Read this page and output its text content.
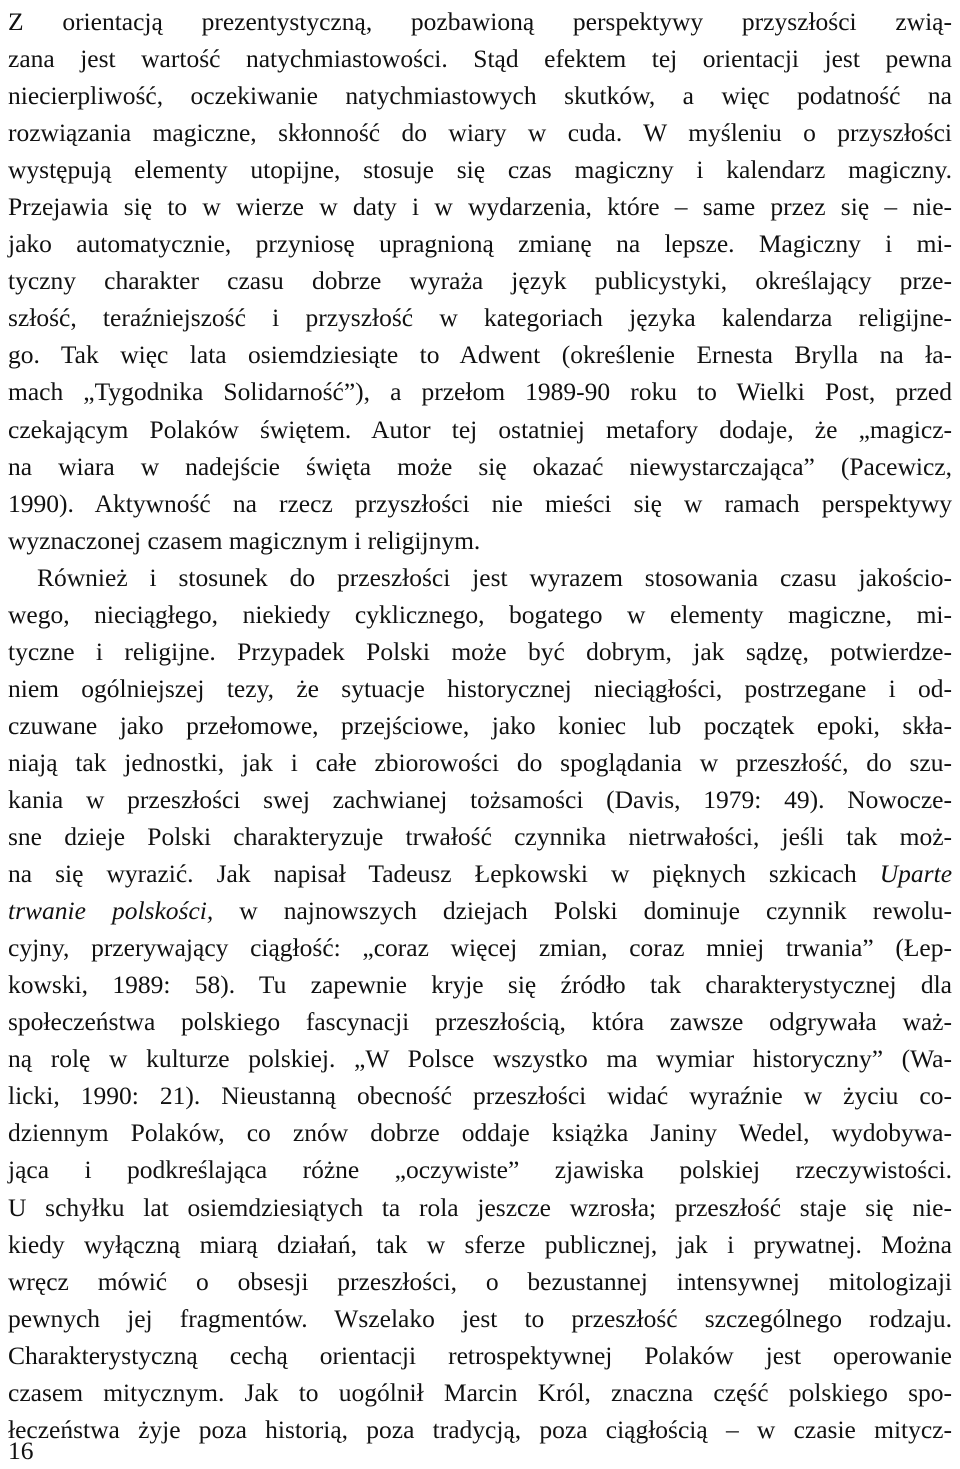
Z orientacją prezentystyczną, pozbawioną perspektywy przyszłości zwią-
zana jest wartość natychmiastowości. Stąd efektem tej orientacji jest pewna
niecierpliwość, oczekiwanie natychmiastowych skutków, a więc podatność na
rozwiązania magiczne, skłonność do wiary w cuda. W myśleniu o przyszłości
występują elementy utopijne, stosuje się czas magiczny i kalendarz magiczny.
Przejawia się to w wierze w daty i w wydarzenia, które – same przez się – nie-
jako automatycznie, przyniosę upragnioną zmianę na lepsze. Magiczny i mi-
tyczny charakter czasu dobrze wyraża język publicystyki, określający prze-
szłość, teraźniejszość i przyszłość w kategoriach języka kalendarza religijne-
go. Tak więc lata osiemdziesiąte to Adwent (określenie Ernesta Brylla na ła-
mach „Tygodnika Solidarność”), a przełom 1989-90 roku to Wielki Post, przed
czekającym Polaków świętem. Autor tej ostatniej metafory dodaje, że „magicz-
na wiara w nadejście święta może się okazać niewystarczająca” (Pacewicz,
1990). Aktywność na rzecz przyszłości nie mieści się w ramach perspektywy
wyznaczonej czasem magicznym i religijnym.
Również i stosunek do przeszłości jest wyrazem stosowania czasu jakościo-
wego, nieciągłego, niekiedy cyklicznego, bogatego w elementy magiczne, mi-
tyczne i religijne. Przypadek Polski może być dobrym, jak sądzę, potwierdze-
niem ogólniejszej tezy, że sytuacje historycznej nieciągłości, postrzegane i od-
czuwane jako przełomowe, przejściowe, jako koniec lub początek epoki, skła-
niają tak jednostki, jak i całe zbiorowości do spoglądania w przeszłość, do szu-
kania w przeszłości swej zachwianej tożsamości (Davis, 1979: 49). Nowocze-
sne dzieje Polski charakteryzuje trwałość czynnika nietrwałości, jeśli tak moż-
na się wyrazić. Jak napisał Tadeusz Łepkowski w pięknych szkicach Uparte
trwanie polskości, w najnowszych dziejach Polski dominuje czynnik rewolu-
cyjny, przerywający ciągłość: „coraz więcej zmian, coraz mniej trwania” (Łep-
kowski, 1989: 58). Tu zapewnie kryje się źródło tak charakterystycznej dla
społeczeństwa polskiego fascynacji przeszłością, która zawsze odgrywała waż-
ną rolę w kulturze polskiej. „W Polsce wszystko ma wymiar historyczny” (Wa-
licki, 1990: 21). Nieustanną obecność przeszłości widać wyraźnie w życiu co-
dziennym Polaków, co znów dobrze oddaje książka Janiny Wedel, wydobywa-
jąca i podkreślająca różne „oczywiste” zjawiska polskiej rzeczywistości.
U schyłku lat osiemdziesiątych ta rola jeszcze wzrosła; przeszłość staje się nie-
kiedy wyłączną miarą działań, tak w sferze publicznej, jak i prywatnej. Można
wręcz mówić o obsesji przeszłości, o bezustannej intensywnej mitologizaji
pewnych jej fragmentów. Wszelako jest to przeszłość szczególnego rodzaju.
Charakterystyczną cechą orientacji retrospektywnej Polaków jest operowanie
czasem mitycznym. Jak to uogólnił Marcin Król, znaczna część polskiego spo-
łeczeństwa żyje poza historią, poza tradycją, poza ciągłością – w czasie mitycz-
16
